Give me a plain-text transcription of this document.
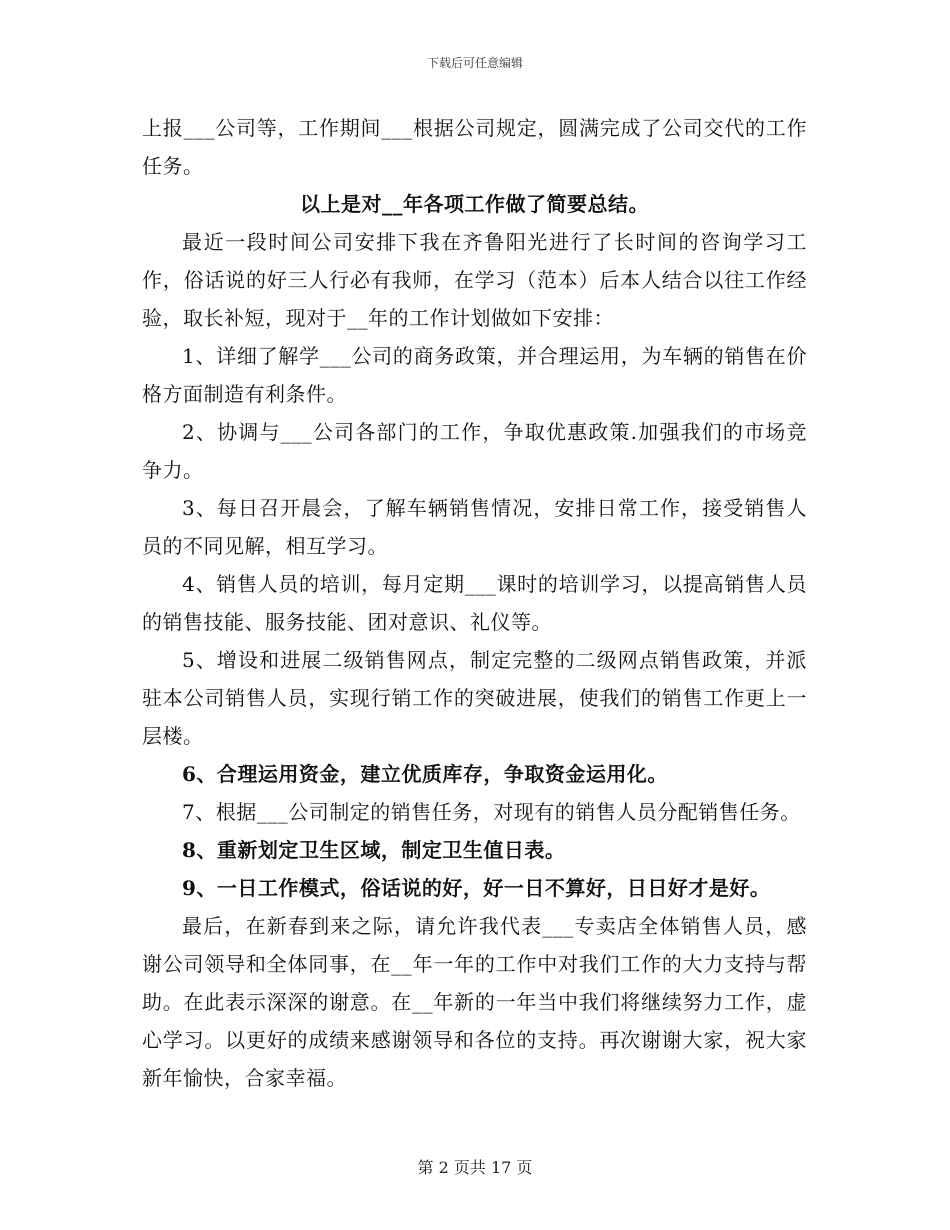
下载后可任意编辑

上报___公司等，工作期间___根据公司规定，圆满完成了公司交代的工作任务。

以上是对__年各项工作做了简要总结。

最近一段时间公司安排下我在齐鲁阳光进行了长时间的咨询学习工作，俗话说的好三人行必有我师，在学习（范本）后本人结合以往工作经验，取长补短，现对于__年的工作计划做如下安排：

1、详细了解学___公司的商务政策，并合理运用，为车辆的销售在价格方面制造有利条件。

2、协调与___公司各部门的工作，争取优惠政策.加强我们的市场竞争力。

3、每日召开晨会，了解车辆销售情况，安排日常工作，接受销售人员的不同见解，相互学习。

4、销售人员的培训，每月定期___课时的培训学习，以提高销售人员的销售技能、服务技能、团对意识、礼仪等。

5、增设和进展二级销售网点，制定完整的二级网点销售政策，并派驻本公司销售人员，实现行销工作的突破进展，使我们的销售工作更上一层楼。

6、合理运用资金，建立优质库存，争取资金运用化。

7、根据___公司制定的销售任务，对现有的销售人员分配销售任务。

8、重新划定卫生区域，制定卫生值日表。

9、一日工作模式，俗话说的好，好一日不算好，日日好才是好。

最后，在新春到来之际，请允许我代表___专卖店全体销售人员，感谢公司领导和全体同事，在__年一年的工作中对我们工作的大力支持与帮助。在此表示深深的谢意。在__年新的一年当中我们将继续努力工作，虚心学习。以更好的成绩来感谢领导和各位的支持。再次谢谢大家，祝大家新年愉快，合家幸福。

第 2 页共 17 页
